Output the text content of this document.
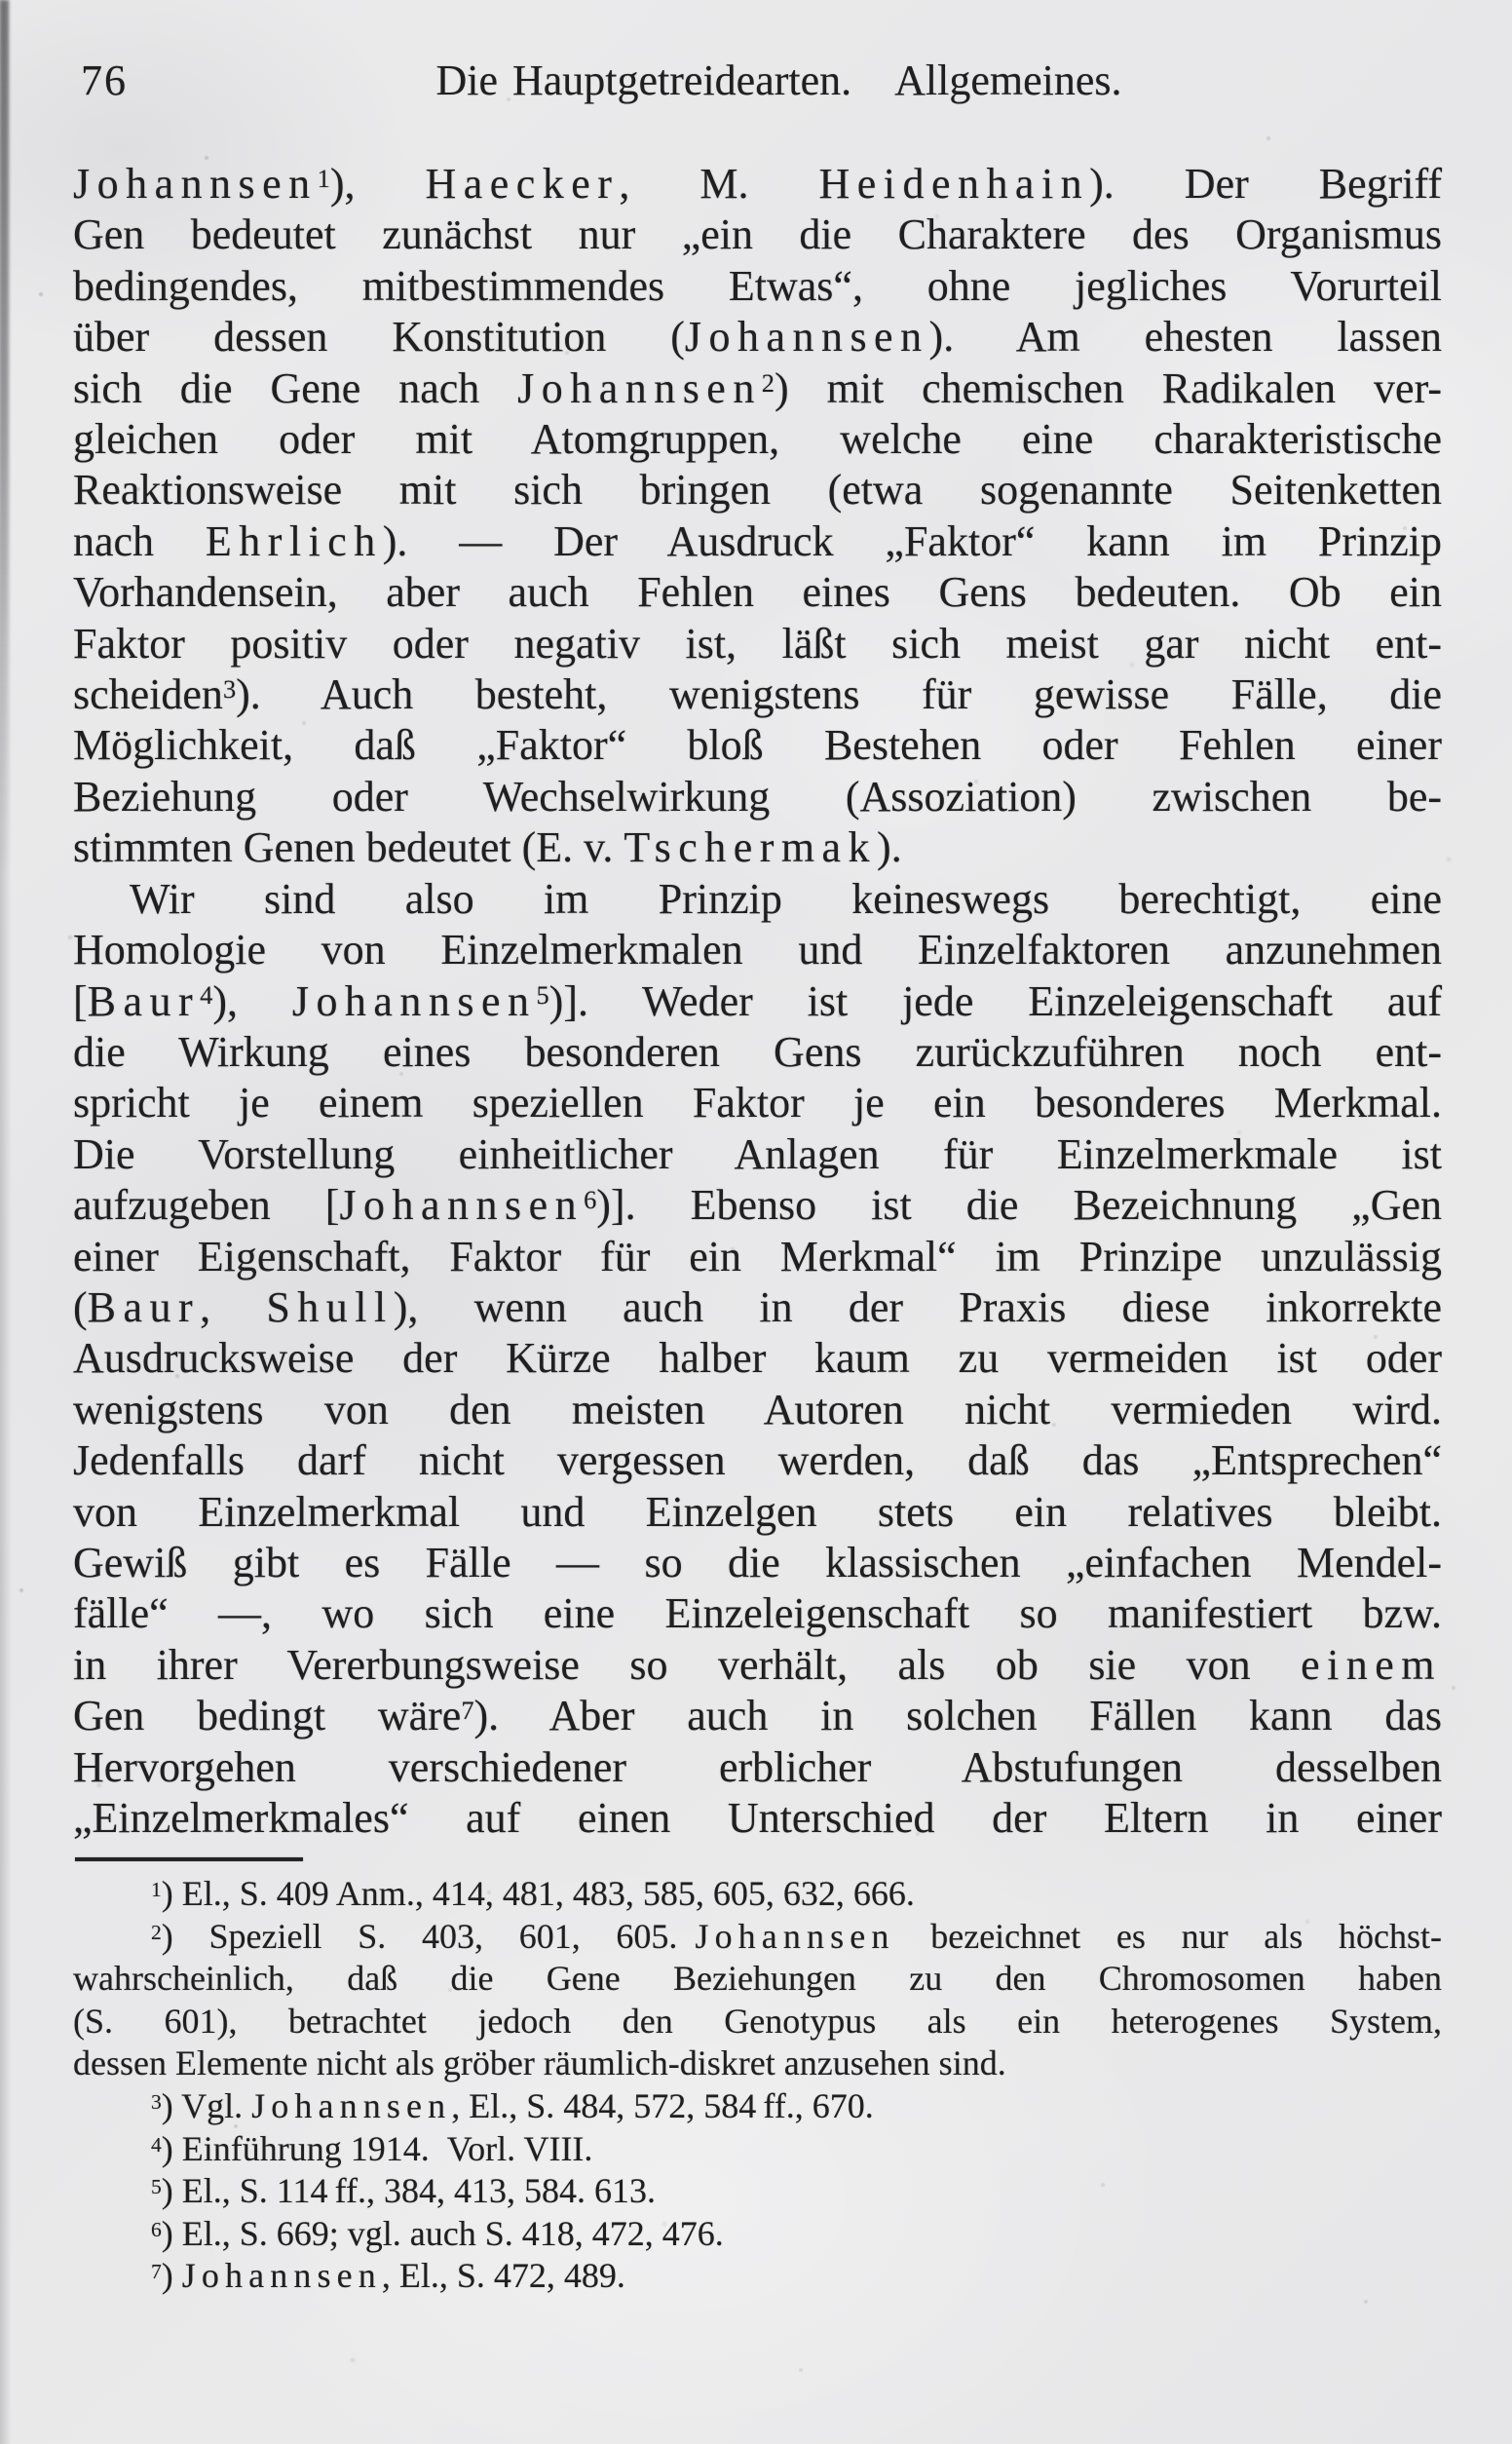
76	Die Hauptgetreidearten. Allgemeines.
Johannsen$^1$), Haecker, M. Heidenhain). Der Begriff
Gen bedeutet zunächst nur „ein die Charaktere des Organismus
bedingendes, mitbestimmendes Etwas“, ohne jegliches Vorurteil
über dessen Konstitution (Johannsen). Am ehesten lassen
sich die Gene nach Johannsen$^2$) mit chemischen Radikalen ver-
gleichen oder mit Atomgruppen, welche eine charakteristische
Reaktionsweise mit sich bringen (etwa sogenannte Seitenketten
nach Ehrlich). — Der Ausdruck „Faktor“ kann im Prinzip
Vorhandensein, aber auch Fehlen eines Gens bedeuten. Ob ein
Faktor positiv oder negativ ist, läßt sich meist gar nicht ent-
scheiden$^3$). Auch besteht, wenigstens für gewisse Fälle, die
Möglichkeit, daß „Faktor“ bloß Bestehen oder Fehlen einer
Beziehung oder Wechselwirkung (Assoziation) zwischen be-
stimmten Genen bedeutet (E. v. Tschermak).
Wir sind also im Prinzip keineswegs berechtigt, eine
Homologie von Einzelmerkmalen und Einzelfaktoren anzunehmen
[Baur$^4$), Johannsen$^5$)]. Weder ist jede Einzeleigenschaft auf
die Wirkung eines besonderen Gens zurückzuführen noch ent-
spricht je einem speziellen Faktor je ein besonderes Merkmal.
Die Vorstellung einheitlicher Anlagen für Einzelmerkmale ist
aufzugeben [Johannsen$^6$)]. Ebenso ist die Bezeichnung „Gen
einer Eigenschaft, Faktor für ein Merkmal“ im Prinzipe unzulässig
(Baur, Shull), wenn auch in der Praxis diese inkorrekte
Ausdrucksweise der Kürze halber kaum zu vermeiden ist oder
wenigstens von den meisten Autoren nicht vermieden wird.
Jedenfalls darf nicht vergessen werden, daß das „Entsprechen“
von Einzelmerkmal und Einzelgen stets ein relatives bleibt.
Gewiß gibt es Fälle — so die klassischen „einfachen Mendel-
fälle“ —, wo sich eine Einzeleigenschaft so manifestiert bzw.
in ihrer Vererbungsweise so verhält, als ob sie von einem
Gen bedingt wäre$^7$). Aber auch in solchen Fällen kann das
Hervorgehen verschiedener erblicher Abstufungen desselben
„Einzelmerkmales“ auf einen Unterschied der Eltern in einer
$^1$) El., S. 409 Anm., 414, 481, 483, 585, 605, 632, 666.
$^2$) Speziell S. 403, 601, 605. Johannsen bezeichnet es nur als höchst-
wahrscheinlich, daß die Gene Beziehungen zu den Chromosomen haben
(S. 601), betrachtet jedoch den Genotypus als ein heterogenes System,
dessen Elemente nicht als gröber räumlich-diskret anzusehen sind.
$^3$) Vgl. Johannsen, El., S. 484, 572, 584 ff., 670.
$^4$) Einführung 1914. Vorl. VIII.
$^5$) El., S. 114 ff., 384, 413, 584. 613.
$^6$) El., S. 669; vgl. auch S. 418, 472, 476.
$^7$) Johannsen, El., S. 472, 489.
